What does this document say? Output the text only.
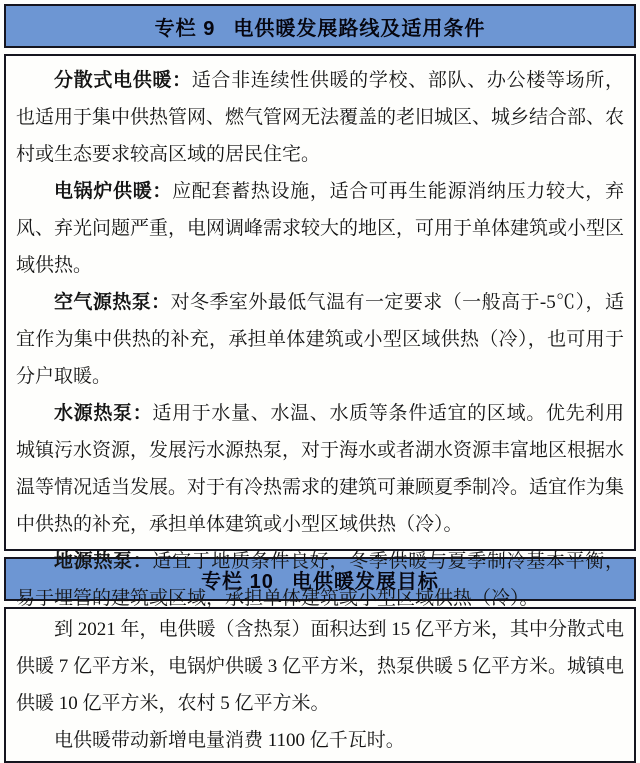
专栏 9 电供暖发展路线及适用条件

分散式电供暖：适合非连续性供暖的学校、部队、办公楼等场所，也适用于集中供热管网、燃气管网无法覆盖的老旧城区、城乡结合部、农村或生态要求较高区域的居民住宅。

电锅炉供暖：应配套蓄热设施，适合可再生能源消纳压力较大，弃风、弃光问题严重，电网调峰需求较大的地区，可用于单体建筑或小型区域供热。

空气源热泵：对冬季室外最低气温有一定要求（一般高于-5℃），适宜作为集中供热的补充，承担单体建筑或小型区域供热（冷），也可用于分户取暖。

水源热泵：适用于水量、水温、水质等条件适宜的区域。优先利用城镇污水资源，发展污水源热泵，对于海水或者湖水资源丰富地区根据水温等情况适当发展。对于有冷热需求的建筑可兼顾夏季制冷。适宜作为集中供热的补充，承担单体建筑或小型区域供热（冷）。

地源热泵：适宜于地质条件良好，冬季供暖与夏季制冷基本平衡，易于埋管的建筑或区域，承担单体建筑或小型区域供热（冷）。

专栏 10 电供暖发展目标

到 2021 年，电供暖（含热泵）面积达到 15 亿平方米，其中分散式电供暖 7 亿平方米，电锅炉供暖 3 亿平方米，热泵供暖 5 亿平方米。城镇电供暖 10 亿平方米，农村 5 亿平方米。

电供暖带动新增电量消费 1100 亿千瓦时。
